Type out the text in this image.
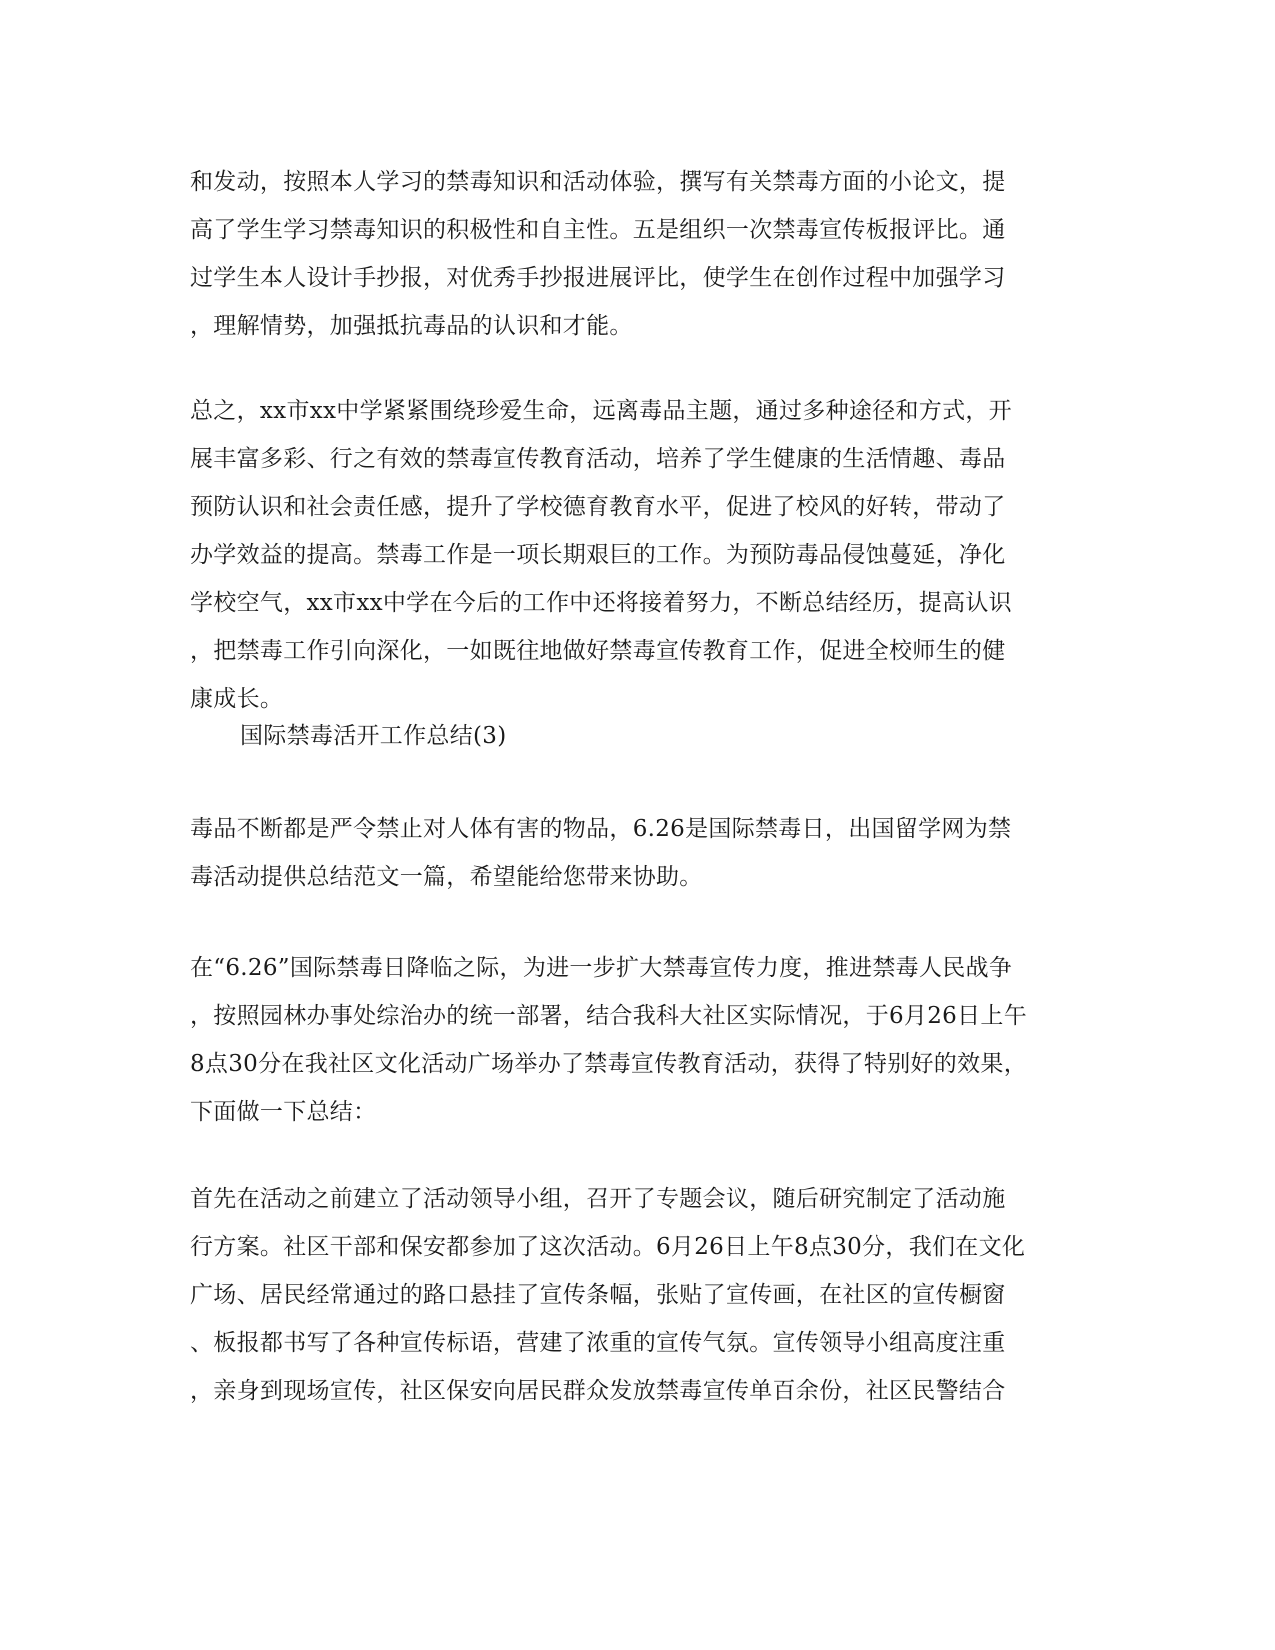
和发动，按照本人学习的禁毒知识和活动体验，撰写有关禁毒方面的小论文，提
高了学生学习禁毒知识的积极性和自主性。五是组织一次禁毒宣传板报评比。通
过学生本人设计手抄报，对优秀手抄报进展评比，使学生在创作过程中加强学习
，理解情势，加强抵抗毒品的认识和才能。
总之，xx市xx中学紧紧围绕珍爱生命，远离毒品主题，通过多种途径和方式，开
展丰富多彩、行之有效的禁毒宣传教育活动，培养了学生健康的生活情趣、毒品
预防认识和社会责任感，提升了学校德育教育水平，促进了校风的好转，带动了
办学效益的提高。禁毒工作是一项长期艰巨的工作。为预防毒品侵蚀蔓延，净化
学校空气，xx市xx中学在今后的工作中还将接着努力，不断总结经历，提高认识
，把禁毒工作引向深化，一如既往地做好禁毒宣传教育工作，促进全校师生的健
康成长。
国际禁毒活开工作总结(3)
毒品不断都是严令禁止对人体有害的物品，6.26是国际禁毒日，出国留学网为禁
毒活动提供总结范文一篇，希望能给您带来协助。
在“6.26”国际禁毒日降临之际，为进一步扩大禁毒宣传力度，推进禁毒人民战争
，按照园林办事处综治办的统一部署，结合我科大社区实际情况，于6月26日上午
8点30分在我社区文化活动广场举办了禁毒宣传教育活动，获得了特别好的效果，
下面做一下总结：
首先在活动之前建立了活动领导小组，召开了专题会议，随后研究制定了活动施
行方案。社区干部和保安都参加了这次活动。6月26日上午8点30分，我们在文化
广场、居民经常通过的路口悬挂了宣传条幅，张贴了宣传画，在社区的宣传橱窗
、板报都书写了各种宣传标语，营建了浓重的宣传气氛。宣传领导小组高度注重
，亲身到现场宣传，社区保安向居民群众发放禁毒宣传单百余份，社区民警结合
